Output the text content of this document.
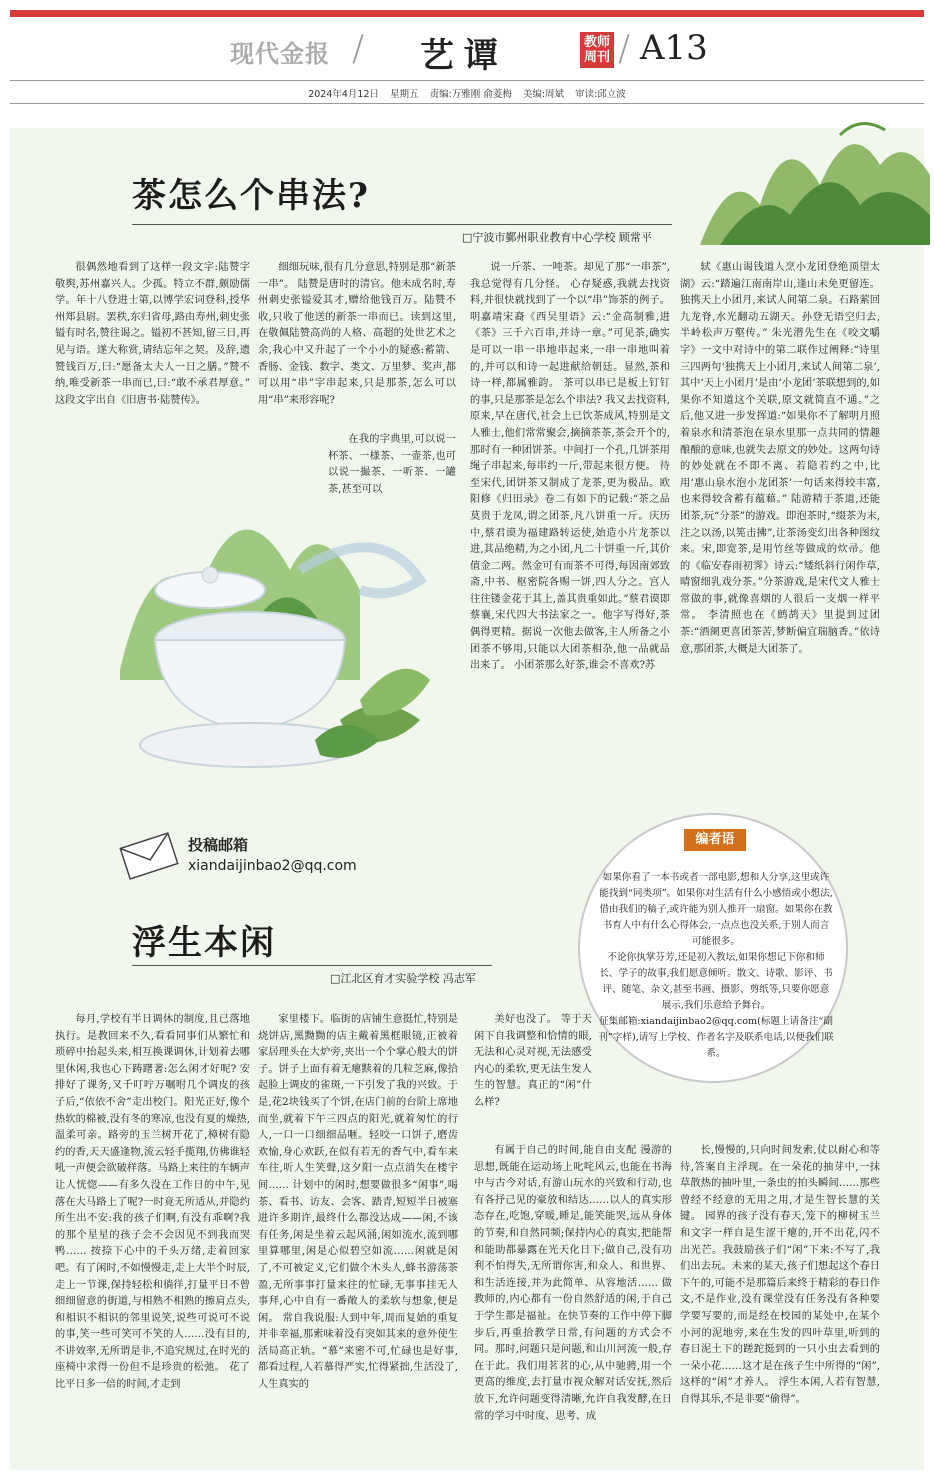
现代金报 / 艺谭	教师周刊 / A13
2024年4月12日 星期五 责编:万雅刚 俞菱梅 美编:周斌 审读:邱立波
茶怎么个串法?
□宁波市鄞州职业教育中心学校 顾常平

很偶然地看到了这样一段文字:陆赞字敬舆,苏州嘉兴人。少孤。特立不群,颇励儒学。年十八登进士第,以博学宏词登科,授华州郑县尉。罢秩,东归省母,路由寿州,刺史张镒有时名,赞往谒之。镒初不甚知,留三日,再见与语。遂大称赏,请结忘年之契。及辞,遗赞钱百万,曰:“愿备太夫人一日之膳。”赞不纳,唯受新茶一串而已,曰:“敢不承君厚意。” 这段文字出自《旧唐书·陆赞传》。

细细玩味,很有几分意思,特别是那“新茶一串”。 陆赞是唐时的清官。他未成名时,寿州刺史张镒爱其才,赠给他钱百万。陆赞不收,只收了他送的新茶一串而已。读到这里,在敬佩陆赞高尚的人格、高超的处世艺术之余,我心中又升起了一个小小的疑惑:蓄箭、香肠、金钱、数字、类文、万里梦、奖声,都可以用“串”字串起来,只是那茶,怎么可以用“串”来形容呢?

在我的字典里,可以说一杯茶、一様茶、一壶茶,也可以说一撮茶、一听茶、一罐茶,甚至可以

说一斤茶、一吨茶。却见了那“一串茶”,我总觉得有几分怪。 心存疑惑,我就去找资料,并很快就找到了一个以“串”饰茶的例子。 明嘉靖宋裔《西吴里语》云:“金高制雅,进《茶》三千六百串,并诗一章。”可见茶,确实是可以一串一串地串起来,一串一串地叫着的,并可以和诗一起进献给朝廷。显然,茶和诗一样,都属雅韵。 茶可以串已是板上钉钉的事,只是那茶是怎么个串法? 我又去找资料,原来,早在唐代,社会上已饮茶成风,特别是文人雅士,他们常常聚会,摘摘茶茶,茶会开个的,那时有一种团饼茶。中间打一个孔,几饼茶用绳子串起来,每串约一斤,带起来很方便。 待至宋代,团饼茶又制成了龙茶,更为极品。欧阳修《归田录》卷二有如下的记载:“茶之品莫贵于龙凤,谓之团茶,凡八饼重一斤。庆历中,蔡君谟为福建路转运使,始造小片龙茶以进,其品绝精,为之小团,凡二十饼重一斤,其价值金二两。然金可有而茶不可得,每因南郊致斋,中书、枢密院各赐一饼,四人分之。宫人往往镂金花于其上,盖其贵重如此。”蔡君谟即蔡襄,宋代四大书法家之一。他字写得好,茶偶得更精。据说一次他去做客,主人所备之小团茶不够用,只能以大团茶相杂,他一品就品出来了。 小团茶那么好茶,谁会不喜欢?苏

轼《惠山谒钱道人烹小龙团登绝顶望太湖》云:“踏遍江南南岸山,逢山未免更留连。独携天上小团月,来试人间第二泉。石路萦回九龙脊,水光翻动五湖天。孙登无语空归去,半岭松声万壑传。” 朱光潜先生在《咬文嚼字》一文中对诗中的第二联作过阐释:“诗里三四两句‘独携天上小团月,来试人间第二泉’,其中‘天上小团月’是由‘小龙团’茶联想到的,如果你不知道这个关联,原文就简直不通。”之后,他又进一步发挥道:“如果你不了解明月照着泉水和清茶泡在泉水里那一点共同的情趣酿酿的意味,也就失去原文的妙处。这两句诗的妙处就在不即不离、若隐若约之中,比用‘惠山泉水泡小龙团茶’一句话来得较丰富,也来得较含蓄有蕴藉。” 陆游精于茶道,还能团茶,玩“分茶”的游戏。即泡茶时,“缀茶为末,注之以汤,以筅击拂”,让茶汤变幻出各种图纹来。宋,即宽茶,是用竹丝等做成的炊帚。他的《临安春雨初霁》诗云:“矮纸斜行闲作草,晴窗细乳戏分茶。”分茶游戏,是宋代文人雅士常做的事,就像喜烟的人很后一支烟一样平常。 李清照也在《鹧鸪天》里提到过团茶:“酒阑更喜团茶苦,梦断偏宜瑞脑香。”依诗意,那团茶,大概是大团茶了。

投稿邮箱
xiandaijinbao2@qq.com
编者语

如果你看了一本书或者一部电影,想和人分享,这里或许能找到“同类项”。如果你对生活有什么小感悟或小想法,借由我们的稿子,或许能为别人推开一扇窗。如果你在教书育人中有什么心得体会,一点点也没关系,于别人而言可能很多。

不论你执掌芬芳,还是初入教坛,如果你想记下你和师长、学子的故事,我们愿意倾听。散文、诗歌、影评、书评、随笔、杂文,甚至书画、摄影、剪纸等,只要你愿意展示,我们乐意给予舞台。

征集邮箱:xiandaijinbao2@qq.com(标题上请备注“副刊”字样),请写上学校、作者名字及联系电话,以便我们联系。

浮生本闲
□江北区育才实验学校 冯志军

每月,学校有半日调休的制度,且已落地执行。是教回来不久,看看同事们从繁忙和琐碎中抬起头来,相互换课调休,计划着去哪里休闲,我也心下踌躇著:怎么闲才好呢? 安排好了课务,又千叮咛万嘱咐几个调皮的孩子后,“依依不舍”走出校门。阳光正好,像个热软的棉被,没有冬的寒凉,也没有夏的燥热,温柔可亲。路旁的玉兰树开花了,樟树有隐约的香,天天盛逢物,流云轻手揽翔,仿佛谁轻吼一声便会欲破样落。马路上来往的车辆声让人恍惚——有多久没在工作日的中午,见落在大马路上了呢?一时竟无所适从,并隐约所生出不安:我的孩子们啊,有没有乖啊?我的那个星星的孩子会不会因见不到我而哭鸭…… 按捺下心中的千头万绪,走着回家吧。有了闲时,不如慢慢走,走上大半个时辰,走上一节课,保持轻松和徜徉,打量平日不曾细细留意的街道,与相熟不相熟的擦肩点头,和相识不相识的邻里说笑,说些可说可不说的事,笑一些可笑可不笑的人……没有目的,不讲效率,无所谓是非,不追究规过,在时光的座椅中求得一份但不是珍贵的松弛。 花了比平日多一倍的时间,才走到

家里楼下。临街的店铺生意挺忙,特别是烧饼店,黑黝黝的店主戴着黑框眼镜,正被着家居理头在大炉旁,夹出一个个掌心般大的饼子。饼子上面有着无瘪黩着的几粒芝麻,像拾起脸上调皮的雀斑,一下引发了我的兴致。于是,花2块钱买了个饼,在店门前的台阶上席地而坐,就着下午三四点的阳光,就着匆忙的行人,一口一口细细品咂。轻咬一口饼子,磨齿欢愉,身心欢跃,在似有若无的香气中,看车来车往,听人生笑聲,这夕阳一点点消失在楼宇间…… 计划中的闲时,想要做很多“闲事”,喝茶、看书、访友、会客、踏青,短短半日被塞进许多期许,最终什么都没达成——闲,不该有任务,闲是坐着云起风涌,闲如流水,流到哪里算哪里,闲是心似碧空如流……闲就是闲了,不可被定义,它们做个木头人,蜂书游荡茶盈,无所事事打量来往的忙碌,无事事挂无人事拜,心中自有一番敞人的柔软与想象,便是闲。 常自我说服:人到中年,周而复始的重复并非幸福,那索味着没有突如其来的意外使生活局高正轨。“慕”来密不可,忙碌也是好事,都看过程,人若慕得严实,忙得紧拙,生活没了,人生真实的

美好也没了。 等于天闲下自我调整和恰情的眼,无法和心灵对视,无法感受内心的柔软,更无法生发人生的智慧。真正的“闲”什么样?

有属于自己的时间,能自由支配 漫游的思想,既能在运动场上叱咤风云,也能在书海中与古今对话,有游山玩水的兴致和行动,也有各抒己见的豪放和结达……以人的真实形态存在,吃饱,穿暖,睡足,能笑能哭,远从身体的节奏,和自然同频;保持内心的真实,把能帮和能助都暴露在光天化日下;做自己,没有功利不怕得失,无所谓你害,和众人、和世界、和生活连接,并为此简单、从容地活…… 做教师的,内心都有一份自然舒适的闲,于自己于学生都是福祉。在快节奏的工作中停下脚步后,再重拾教学日常,有问题的方式会不同。那时,问题只是问题,和山川河流一般,存在于此。我们用茗茗的心,从中驰骋,用一个更高的维度,去打量市视众解对话安抚,然后放下,允许问题变得清晰,允许自我发酵,在日常的学习中时度、思考、成

长,慢慢的,只向时间发索,仗以耐心和等待,答案自主浮现。在一朵花的抽芽中,一抹草散热的抽叶里,一条虫的拍头瞬间……那些曾经不经意的无用之用,才是生智长慧的关键。 园界的孩子没有春天,笼下的柳树玉兰和文字一样自是生涩干瘪的,开不出花,闪不出光芒。我鼓励孩子们“闲”下来:不写了,我们出去玩。未来的某天,孩子们想起这个春日下午的,可能不是那篇后来终于精彩的春日作文,不是作业,没有课堂没有任务没有各种要学要写要的,而是经在校园的某处中,在某个小河的泥地旁,来在生发的四叶草里,听到的春日泥土下的蹉跎挺到的一只小虫去看到的一朵小花……这才是在孩子生中所得的“闲”,这样的“闲”才养人。 浮生本闲,人若有智慧,自得其乐,不是非要“偷得”。
